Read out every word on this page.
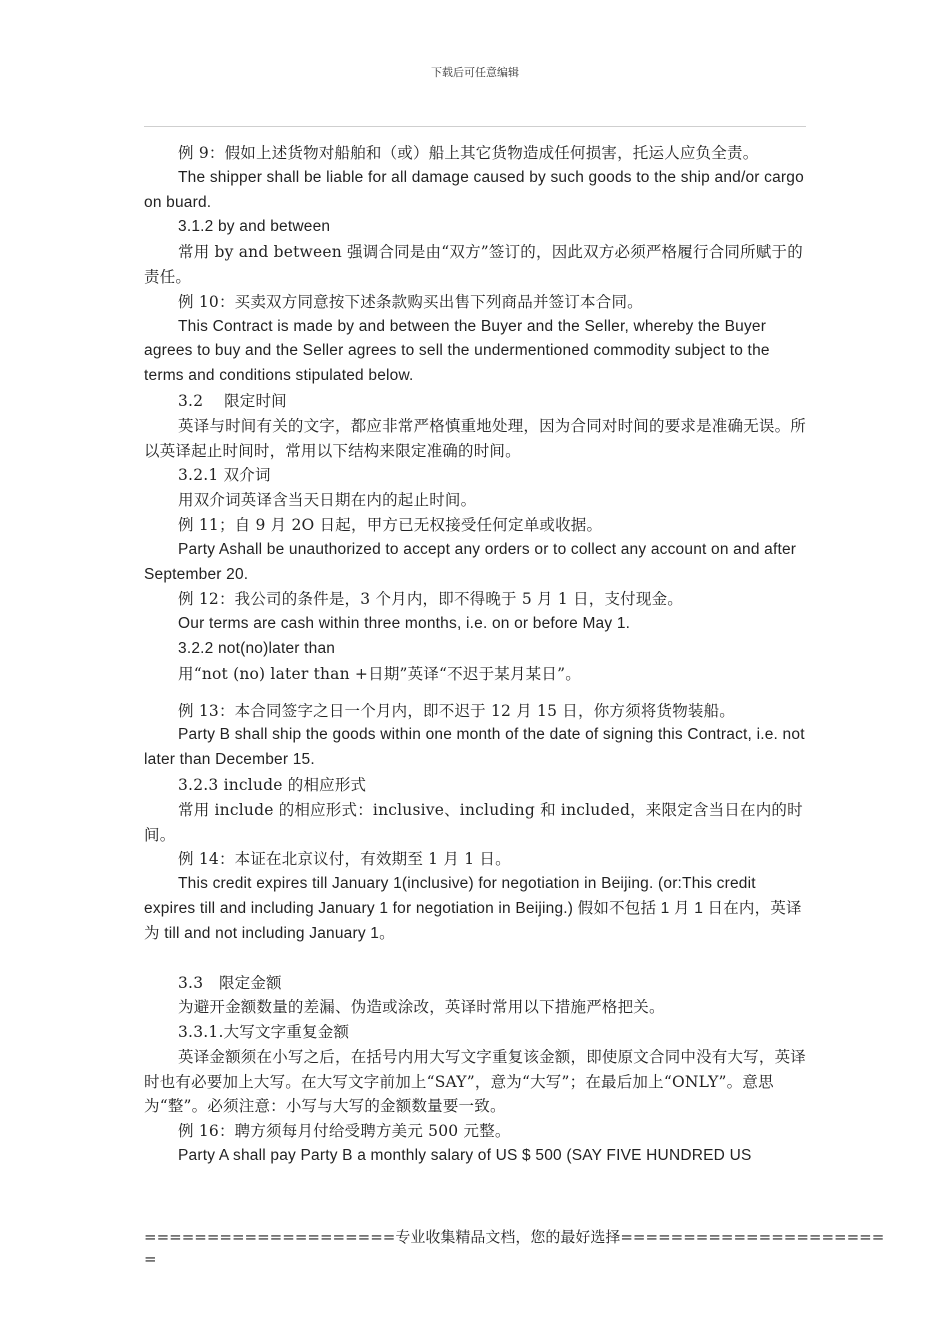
下载后可任意编辑

例 9：假如上述货物对船舶和（或）船上其它货物造成任何损害，托运人应负全责。

The shipper shall be liable for all damage caused by such goods to the ship and/or cargo on buard.

3.1.2 by and between

常用 by and between 强调合同是由“双方”签订的，因此双方必须严格履行合同所赋于的责任。

例 10：买卖双方同意按下述条款购买出售下列商品并签订本合同。

This Contract is made by and between the Buyer and the Seller, whereby the Buyer agrees to buy and the Seller agrees to sell the undermentioned commodity subject to the terms and conditions stipulated below.

3.2　 限定时间

英译与时间有关的文字，都应非常严格慎重地处理，因为合同对时间的要求是准确无误。所以英译起止时间时，常用以下结构来限定准确的时间。

3.2.1 双介词

用双介词英译含当天日期在内的起止时间。

例 11；自 9 月 2O 日起，甲方已无权接受任何定单或收据。

Party Ashall be unauthorized to accept any orders or to collect any account on and after September 20.

例 12：我公司的条件是，3 个月内，即不得晚于 5 月 1 日，支付现金。

Our terms are cash within three months, i.e. on or before May 1.

3.2.2 not(no)later than

用“not (no) later than +日期”英译“不迟于某月某日”。

例 13：本合同签字之日一个月内，即不迟于 12 月 15 日，你方须将货物装船。

Party B shall ship the goods within one month of the date of signing this Contract, i.e. not later than December 15.

3.2.3 include 的相应形式

常用 include 的相应形式：inclusive、including 和 included，来限定含当日在内的时间。

例 14：本证在北京议付，有效期至 1 月 1 日。

This credit expires till January 1(inclusive) for negotiation in Beijing. (or:This credit expires till and including January 1 for negotiation in Beijing.) 假如不包括 1 月 1 日在内，英译为 till and not including January 1。

3.3　限定金额

为避开金额数量的差漏、伪造或涂改，英译时常用以下措施严格把关。

3.3.1.大写文字重复金额

英译金额须在小写之后，在括号内用大写文字重复该金额，即使原文合同中没有大写，英译时也有必要加上大写。在大写文字前加上“SAY”，意为“大写”；在最后加上“ONLY”。意思为“整”。必须注意：小写与大写的金额数量要一致。

例 16：聘方须每月付给受聘方美元 500 元整。

Party A shall pay Party B a monthly salary of US $ 500 (SAY FIVE HUNDRED US

====================专业收集精品文档，您的最好选择=====================
=
